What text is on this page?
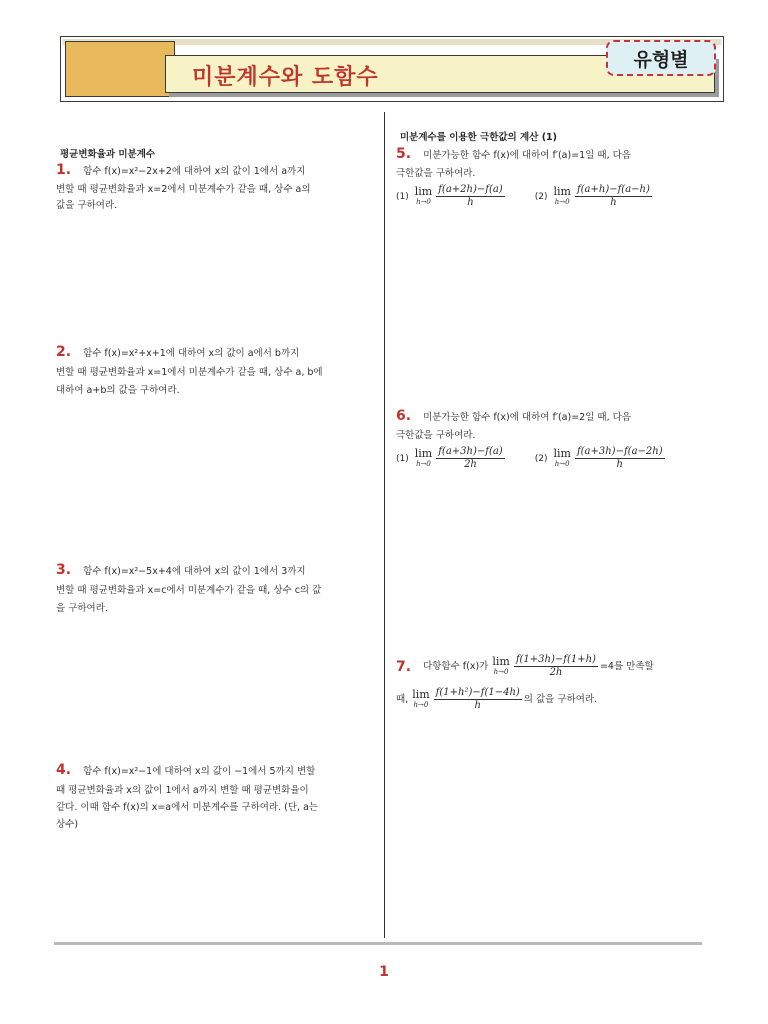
미분계수와 도함수
유형별
평균변화율과 미분계수
1. 함수 f(x)=x²−2x+2에 대하여 x의 값이 1에서 a까지
변할 때 평균변화율과 x=2에서 미분계수가 같을 때, 상수 a의
값을 구하여라.
2. 함수 f(x)=x²+x+1에 대하여 x의 값이 a에서 b까지
변할 때 평균변화율과 x=1에서 미분계수가 같을 때, 상수 a, b에
대하여 a+b의 값을 구하여라.
3. 함수 f(x)=x²−5x+4에 대하여 x의 값이 1에서 3까지
변할 때 평균변화율과 x=c에서 미분계수가 같을 때, 상수 c의 값
을 구하여라.
4. 함수 f(x)=x²−1에 대하여 x의 값이 −1에서 5까지 변할
때 평균변화율과 x의 값이 1에서 a까지 변할 때 평균변화율이
같다. 이때 함수 f(x)의 x=a에서 미분계수를 구하여라. (단, a는
상수)
미분계수를 이용한 극한값의 계산 (1)
5. 미분가능한 함수 f(x)에 대하여 f′(a)=1일 때, 다음
극한값을 구하여라.
(1) lim
$h\to 0 \frac{f(a+2h)-f(a)}{h}$	(2) lim
$h\to 0 \frac{f(a+h)-f(a-h)}{h}$
6. 미분가능한 함수 f(x)에 대하여 f′(a)=2일 때, 다음
극한값을 구하여라.
(1) lim
$h\to 0 \frac{f(a+3h)-f(a)}{2h}$	(2) lim
$h\to 0 \frac{f(a+3h)-f(a-2h)}{h}$
7. 다항함수 f(x)가 lim
$h\to 0 \frac{f(1+3h)-f(1+h)}{2h} =4$를 만족할
때, lim
$h\to 0 \frac{\text{f(1+h²)−f(1−4h)}}{h}$ 의 값을 구하여라.
1
